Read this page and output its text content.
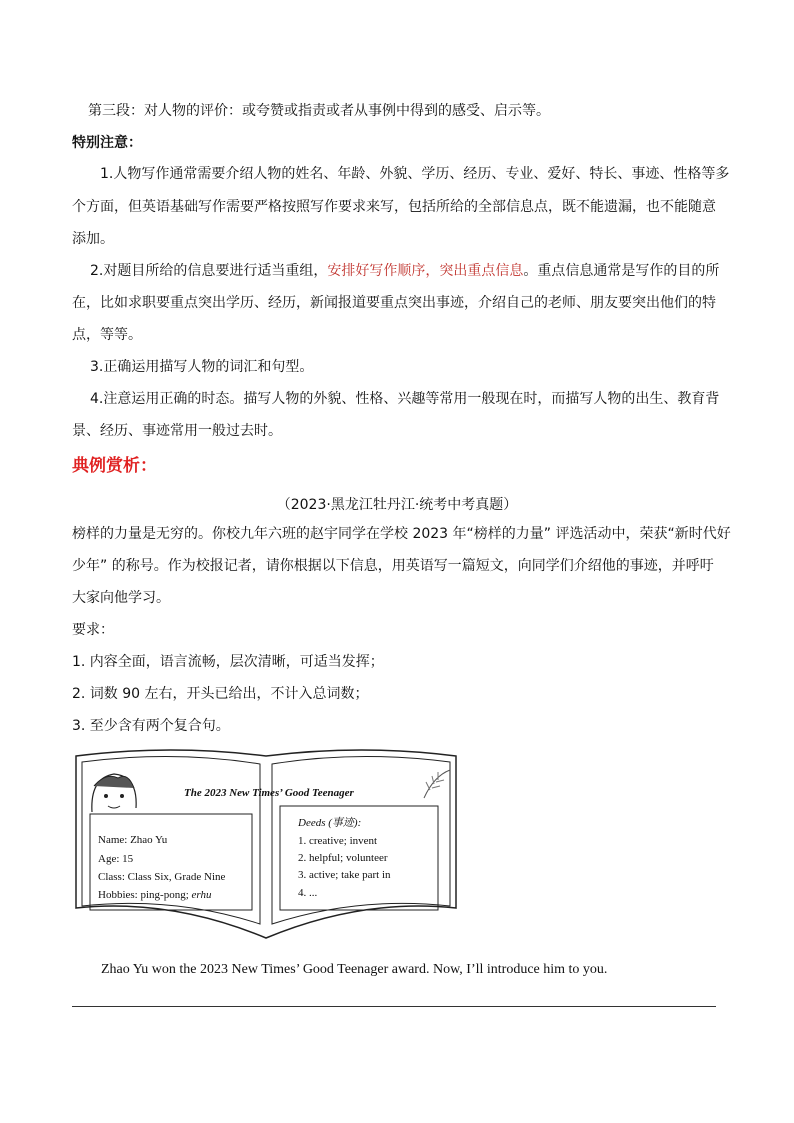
第三段：对人物的评价：或夸赞或指责或者从事例中得到的感受、启示等。
特别注意：
1.人物写作通常需要介绍人物的姓名、年龄、外貌、学历、经历、专业、爱好、特长、事迹、性格等多
个方面，但英语基础写作需要严格按照写作要求来写，包括所给的全部信息点，既不能遗漏，也不能随意
添加。
2.对题目所给的信息要进行适当重组，安排好写作顺序，突出重点信息。重点信息通常是写作的目的所
在，比如求职要重点突出学历、经历，新闻报道要重点突出事迹，介绍自己的老师、朋友要突出他们的特
点，等等。
3.正确运用描写人物的词汇和句型。
4.注意运用正确的时态。描写人物的外貌、性格、兴趣等常用一般现在时，而描写人物的出生、教育背
景、经历、事迹常用一般过去时。
典例赏析：
（2023·黑龙江牡丹江·统考中考真题）
榜样的力量是无穷的。你校九年六班的赵宇同学在学校 2023 年“榜样的力量” 评选活动中，荣获“新时代好
少年” 的称号。作为校报记者，请你根据以下信息，用英语写一篇短文，向同学们介绍他的事迹，并呼吁
大家向他学习。
要求：
1. 内容全面，语言流畅，层次清晰，可适当发挥；
2. 词数 90 左右，开头已给出，不计入总词数；
3. 至少含有两个复合句。
The 2023 New Times’ Good Teenager
Name: Zhao Yu
Age: 15
Class: Class Six, Grade Nine
Hobbies: ping-pong; erhu
Deeds (事迹):
1. creative; invent
2. helpful; volunteer
3. active; take part in
4. ...
Zhao Yu won the 2023 New Times’ Good Teenager award. Now, I’ll introduce him to you.
